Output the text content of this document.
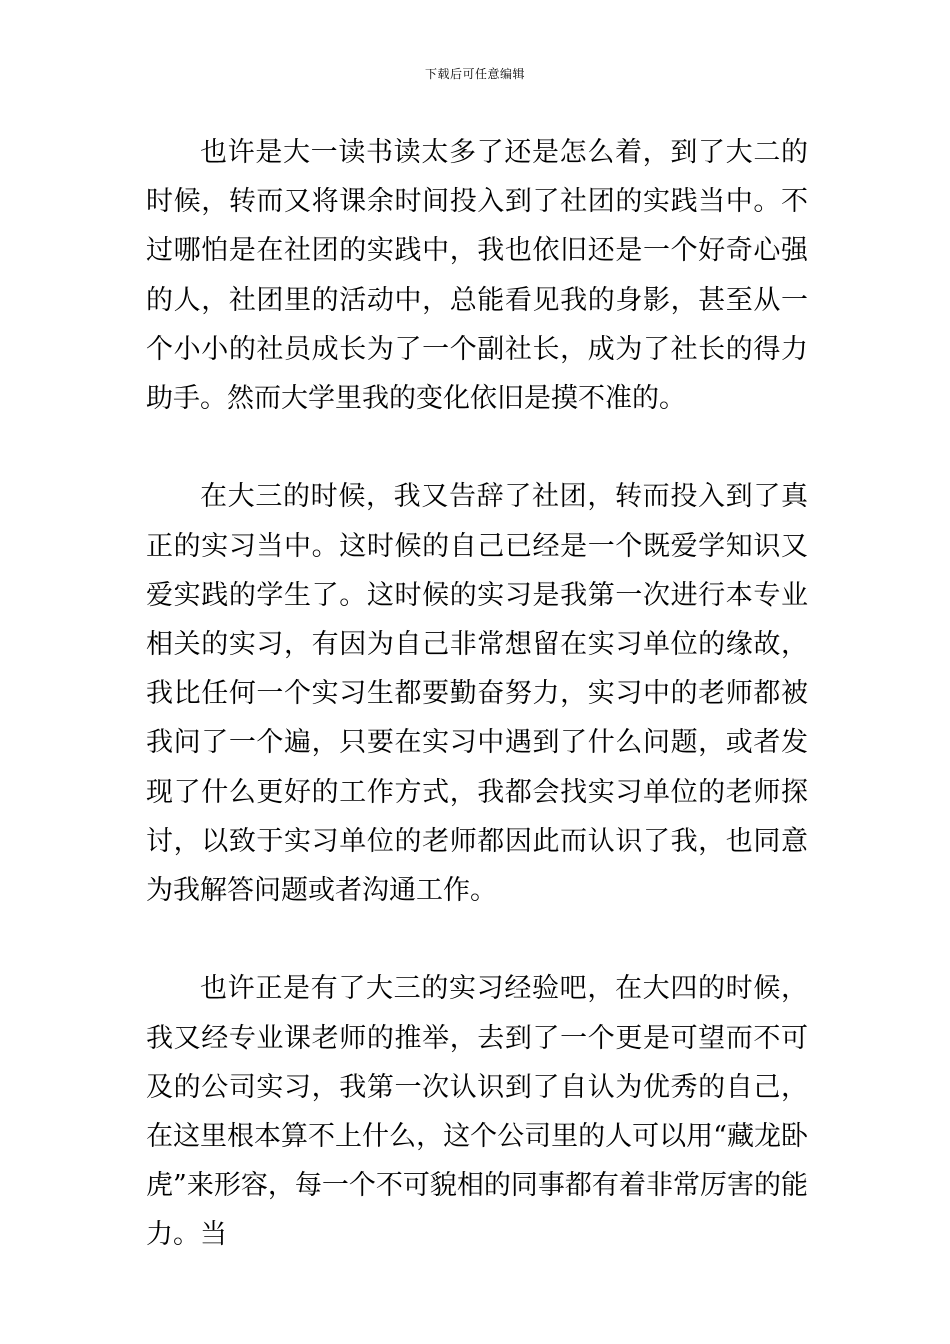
下载后可任意编辑

也许是大一读书读太多了还是怎么着，到了大二的时候，转而又将课余时间投入到了社团的实践当中。不过哪怕是在社团的实践中，我也依旧还是一个好奇心强的人，社团里的活动中，总能看见我的身影，甚至从一个小小的社员成长为了一个副社长，成为了社长的得力助手。然而大学里我的变化依旧是摸不准的。

在大三的时候，我又告辞了社团，转而投入到了真正的实习当中。这时候的自己已经是一个既爱学知识又爱实践的学生了。这时候的实习是我第一次进行本专业相关的实习，有因为自己非常想留在实习单位的缘故，我比任何一个实习生都要勤奋努力，实习中的老师都被我问了一个遍，只要在实习中遇到了什么问题，或者发现了什么更好的工作方式，我都会找实习单位的老师探讨，以致于实习单位的老师都因此而认识了我，也同意为我解答问题或者沟通工作。

也许正是有了大三的实习经验吧，在大四的时候，我又经专业课老师的推举，去到了一个更是可望而不可及的公司实习，我第一次认识到了自认为优秀的自己，在这里根本算不上什么，这个公司里的人可以用“藏龙卧虎”来形容，每一个不可貌相的同事都有着非常厉害的能力。当
